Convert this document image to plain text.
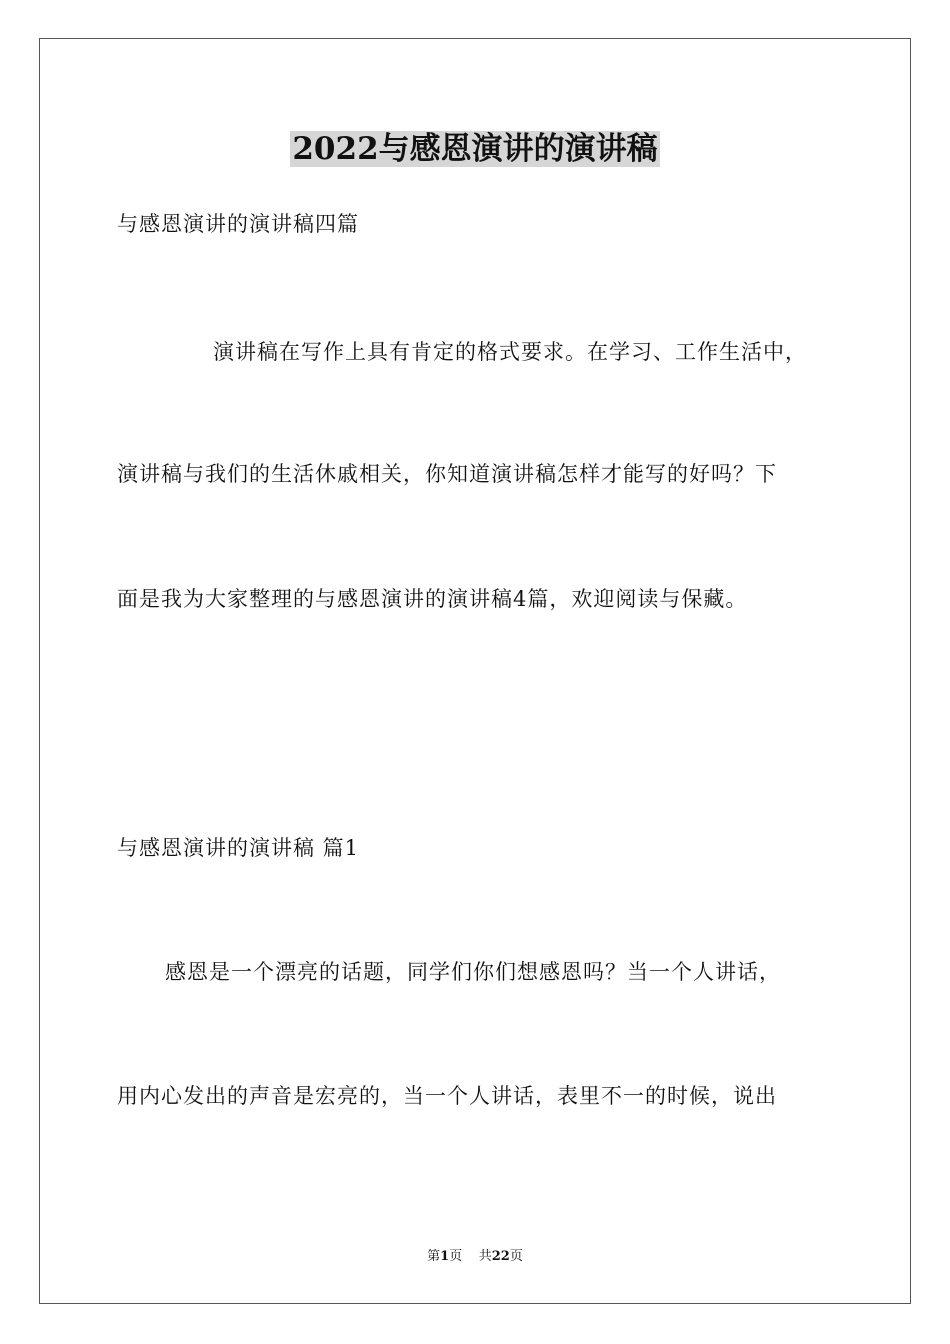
2022与感恩演讲的演讲稿
与感恩演讲的演讲稿四篇
演讲稿在写作上具有肯定的格式要求。在学习、工作生活中，
演讲稿与我们的生活休戚相关，你知道演讲稿怎样才能写的好吗？下
面是我为大家整理的与感恩演讲的演讲稿4篇，欢迎阅读与保藏。
与感恩演讲的演讲稿 篇1
感恩是一个漂亮的话题，同学们你们想感恩吗？当一个人讲话，
用内心发出的声音是宏亮的，当一个人讲话，表里不一的时候，说出
第1页 共22页
